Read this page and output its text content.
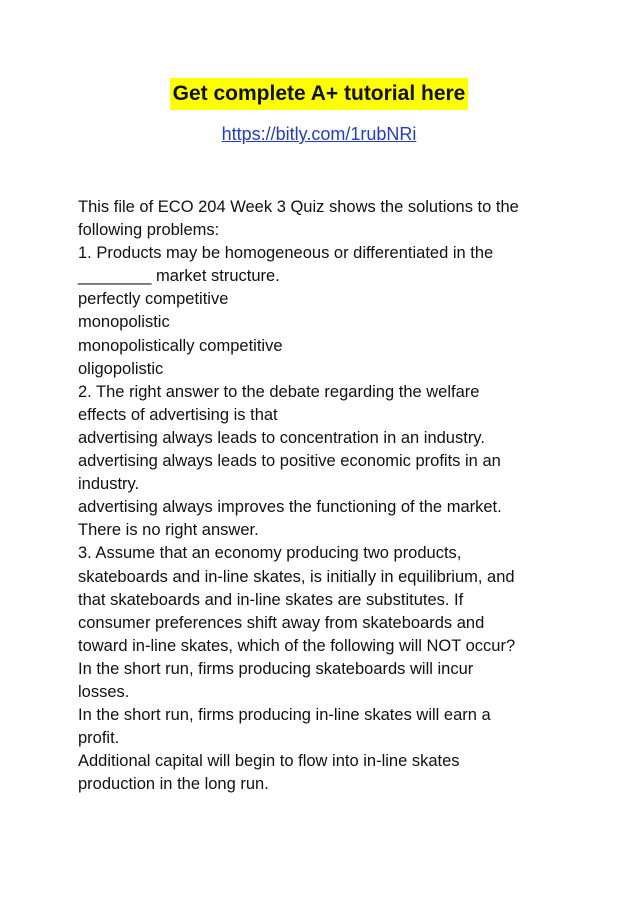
Get complete A+ tutorial here
https://bitly.com/1rubNRi
This file of ECO 204 Week 3 Quiz shows the solutions to the
following problems:
1. Products may be homogeneous or differentiated in the
________ market structure.
perfectly competitive
monopolistic
monopolistically competitive
oligopolistic
2. The right answer to the debate regarding the welfare
effects of advertising is that
advertising always leads to concentration in an industry.
advertising always leads to positive economic profits in an
industry.
advertising always improves the functioning of the market.
There is no right answer.
3. Assume that an economy producing two products,
skateboards and in-line skates, is initially in equilibrium, and
that skateboards and in-line skates are substitutes. If
consumer preferences shift away from skateboards and
toward in-line skates, which of the following will NOT occur?
In the short run, firms producing skateboards will incur
losses.
In the short run, firms producing in-line skates will earn a
profit.
Additional capital will begin to flow into in-line skates
production in the long run.
